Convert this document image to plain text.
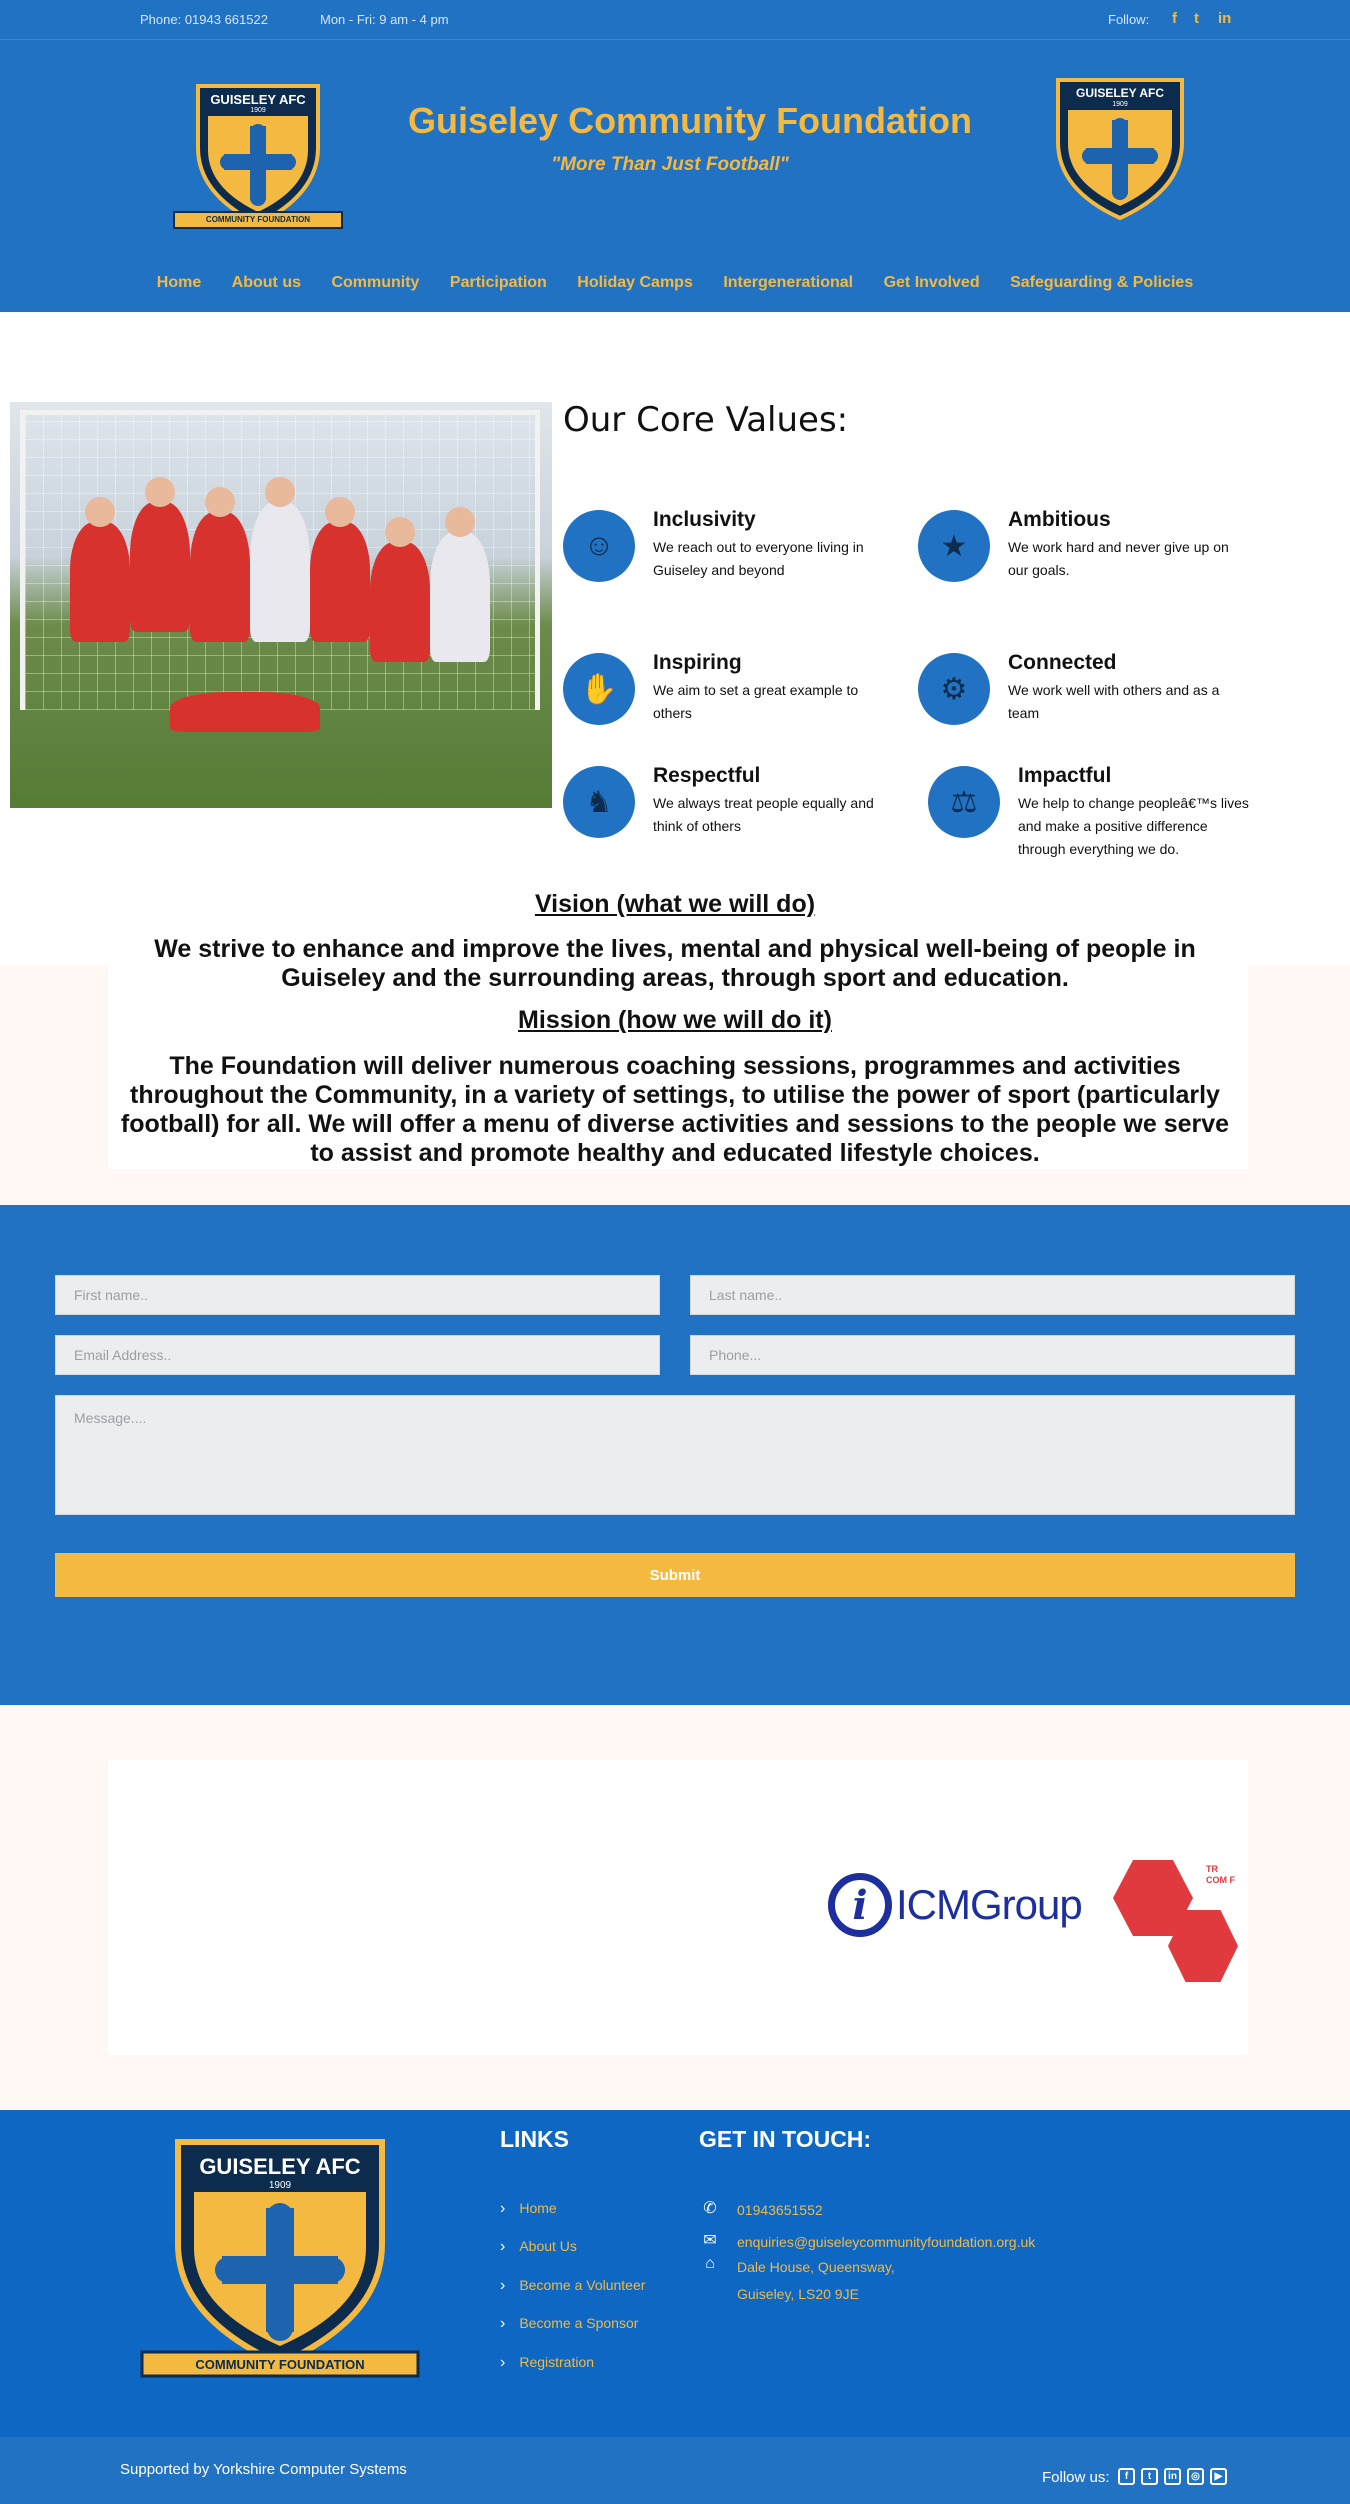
Phone: 01943 661522	Mon - Fri: 9 am - 4 pm	Follow: f t in
GUISELEY AFC
1909
COMMUNITY FOUNDATION
Guiseley Community Foundation
"More Than Just Football"
GUISELEY AFC
1909
Home About us Community Participation Holiday Camps Intergenerational Get Involved Safeguarding & Policies
Our Core Values:
☺
Inclusivity
We reach out to everyone living in Guiseley and beyond
★
Ambitious
We work hard and never give up on our goals.
✋
Inspiring
We aim to set a great example to others
⚙
Connected
We work well with others and as a team
♞
Respectful
We always treat people equally and think of others
⚖
Impactful
We help to change peopleâ€™s lives and make a positive difference through everything we do.
Vision (what we will do)
We strive to enhance and improve the lives, mental and physical well-being of people in Guiseley and the surrounding areas, through sport and education.
Mission (how we will do it)
The Foundation will deliver numerous coaching sessions, programmes and activities throughout the Community, in a variety of settings, to utilise the power of sport (particularly football) for all. We will offer a menu of diverse activities and sessions to the people we serve to assist and promote healthy and educated lifestyle choices.
First name..	Last name..
Email Address..	Phone...
Message....
Submit
i ICMGroup
TR COM F
GUISELEY AFC
1909
COMMUNITY FOUNDATION
LINKS
› Home
› About Us
› Become a Volunteer
› Become a Sponsor
› Registration
GET IN TOUCH:
✆ 01943651552
✉ enquiries@guiseleycommunityfoundation.org.uk
⌂	Dale House, Queensway,
Guiseley, LS20 9JE
Supported by Yorkshire Computer Systems	Follow us:	f	t	in	◎	▶
